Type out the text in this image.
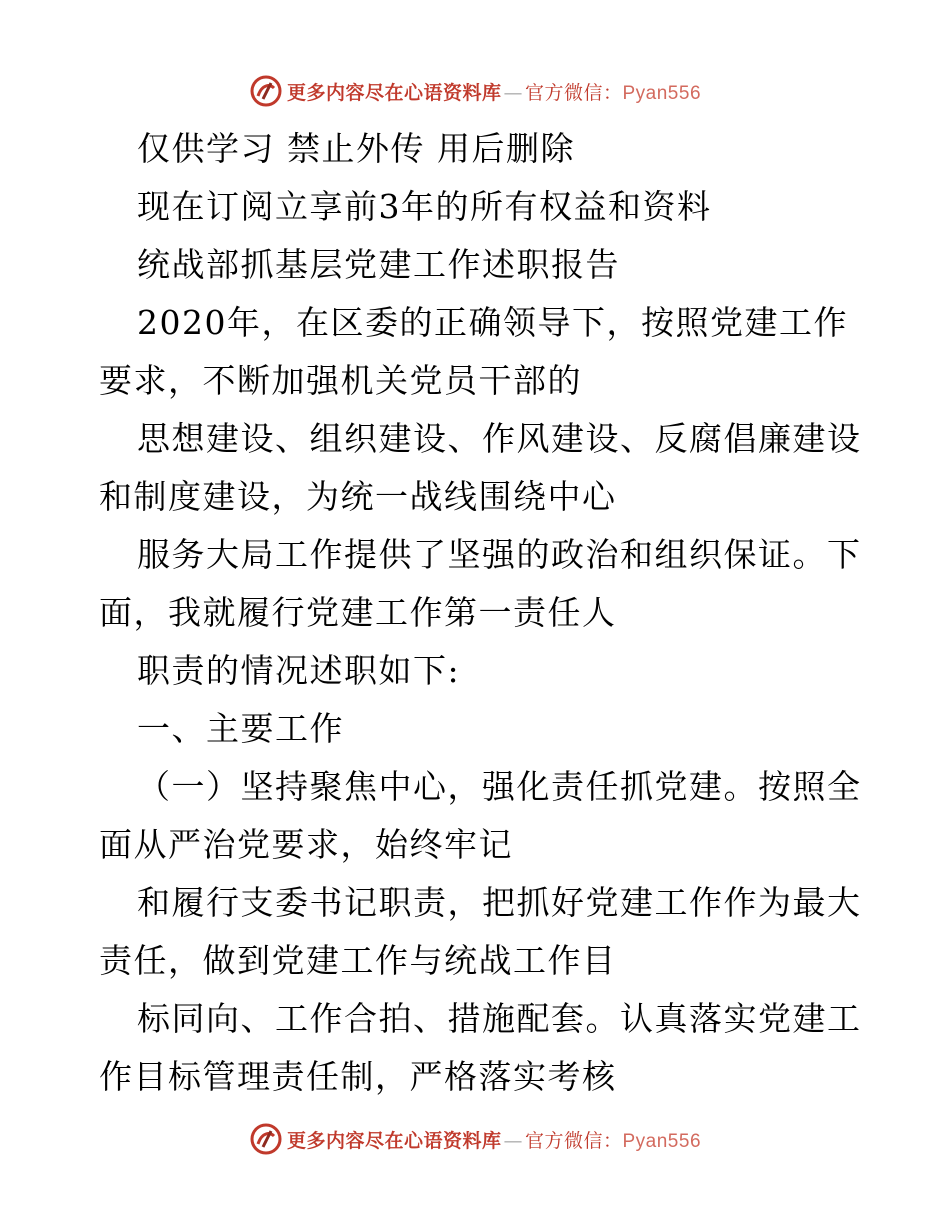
更多内容尽在心语资料库 — 官方微信：Pyan556
仅供学习 禁止外传 用后删除
现在订阅立享前3年的所有权益和资料
统战部抓基层党建工作述职报告
2020年，在区委的正确领导下，按照党建工作
要求，不断加强机关党员干部的
思想建设、组织建设、作风建设、反腐倡廉建设
和制度建设，为统一战线围绕中心
服务大局工作提供了坚强的政治和组织保证。下
面，我就履行党建工作第一责任人
职责的情况述职如下:
一、主要工作
（一）坚持聚焦中心，强化责任抓党建。按照全
面从严治党要求，始终牢记
和履行支委书记职责，把抓好党建工作作为最大
责任，做到党建工作与统战工作目
标同向、工作合拍、措施配套。认真落实党建工
作目标管理责任制，严格落实考核
更多内容尽在心语资料库 — 官方微信：Pyan556
